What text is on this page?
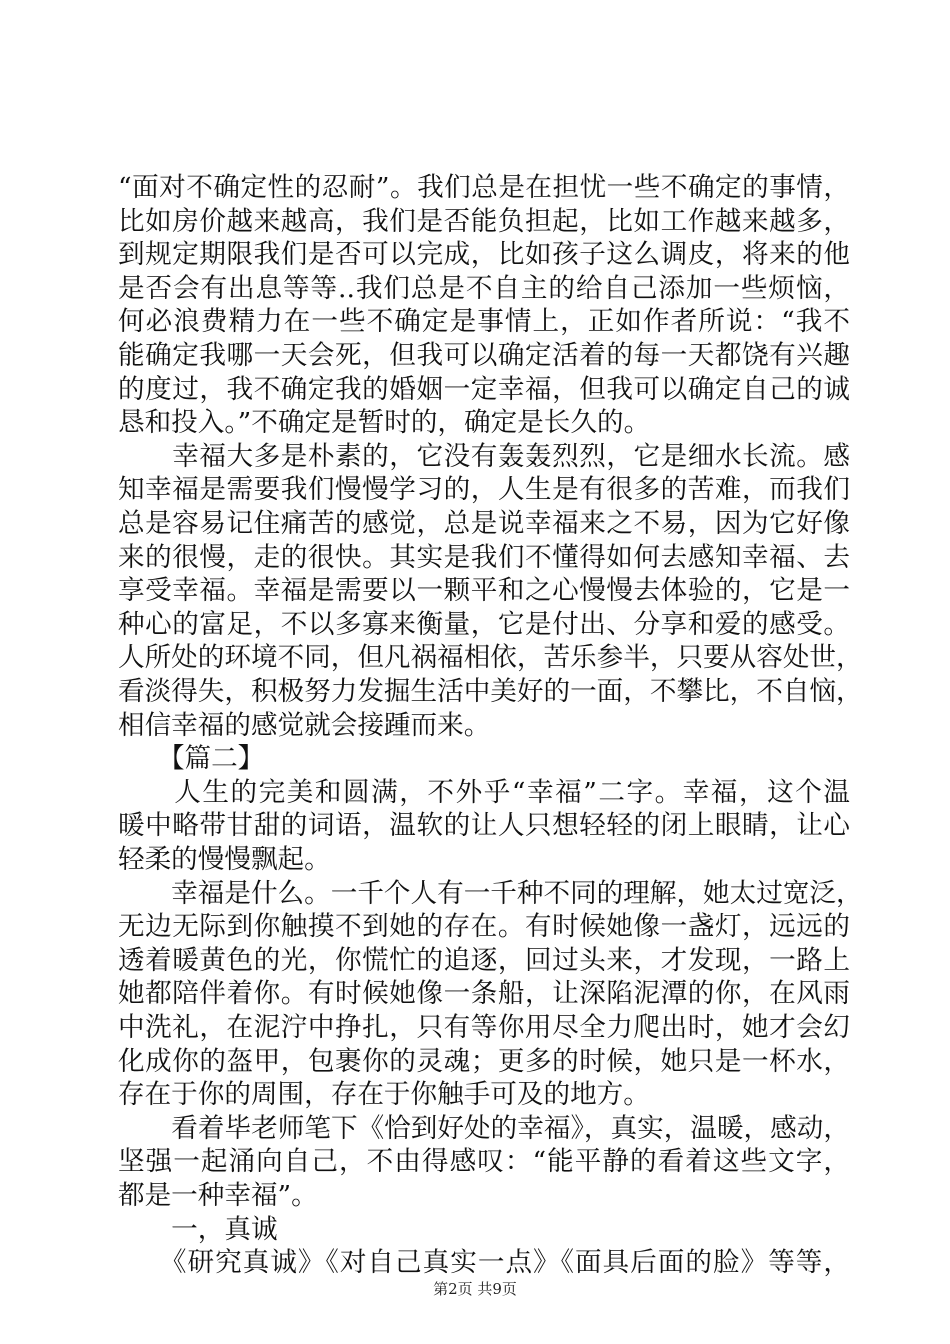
“面对不确定性的忍耐”。我们总是在担忧一些不确定的事情，
比如房价越来越高，我们是否能负担起，比如工作越来越多，
到规定期限我们是否可以完成，比如孩子这么调皮，将来的他
是否会有出息等等..我们总是不自主的给自己添加一些烦恼，
何必浪费精力在一些不确定是事情上，正如作者所说：“我不
能确定我哪一天会死，但我可以确定活着的每一天都饶有兴趣
的度过，我不确定我的婚姻一定幸福，但我可以确定自己的诚
恳和投入。”不确定是暂时的，确定是长久的。
　　幸福大多是朴素的，它没有轰轰烈烈，它是细水长流。感
知幸福是需要我们慢慢学习的，人生是有很多的苦难，而我们
总是容易记住痛苦的感觉，总是说幸福来之不易，因为它好像
来的很慢，走的很快。其实是我们不懂得如何去感知幸福、去
享受幸福。幸福是需要以一颗平和之心慢慢去体验的，它是一
种心的富足，不以多寡来衡量，它是付出、分享和爱的感受。
人所处的环境不同，但凡祸福相依，苦乐参半，只要从容处世，
看淡得失，积极努力发掘生活中美好的一面，不攀比，不自恼，
相信幸福的感觉就会接踵而来。
　　【篇二】
　　人生的完美和圆满，不外乎“幸福”二字。幸福，这个温
暖中略带甘甜的词语，温软的让人只想轻轻的闭上眼睛，让心
轻柔的慢慢飘起。
　　幸福是什么。一千个人有一千种不同的理解，她太过宽泛，
无边无际到你触摸不到她的存在。有时候她像一盏灯，远远的
透着暖黄色的光，你慌忙的追逐，回过头来，才发现，一路上
她都陪伴着你。有时候她像一条船，让深陷泥潭的你，在风雨
中洗礼，在泥泞中挣扎，只有等你用尽全力爬出时，她才会幻
化成你的盔甲，包裹你的灵魂；更多的时候，她只是一杯水，
存在于你的周围，存在于你触手可及的地方。
　　看着毕老师笔下《恰到好处的幸福》，真实，温暖，感动，
坚强一起涌向自己，不由得感叹：“能平静的看着这些文字，
都是一种幸福”。
　　一，真诚
　　《研究真诚》《对自己真实一点》《面具后面的脸》等等，
第2页 共9页
